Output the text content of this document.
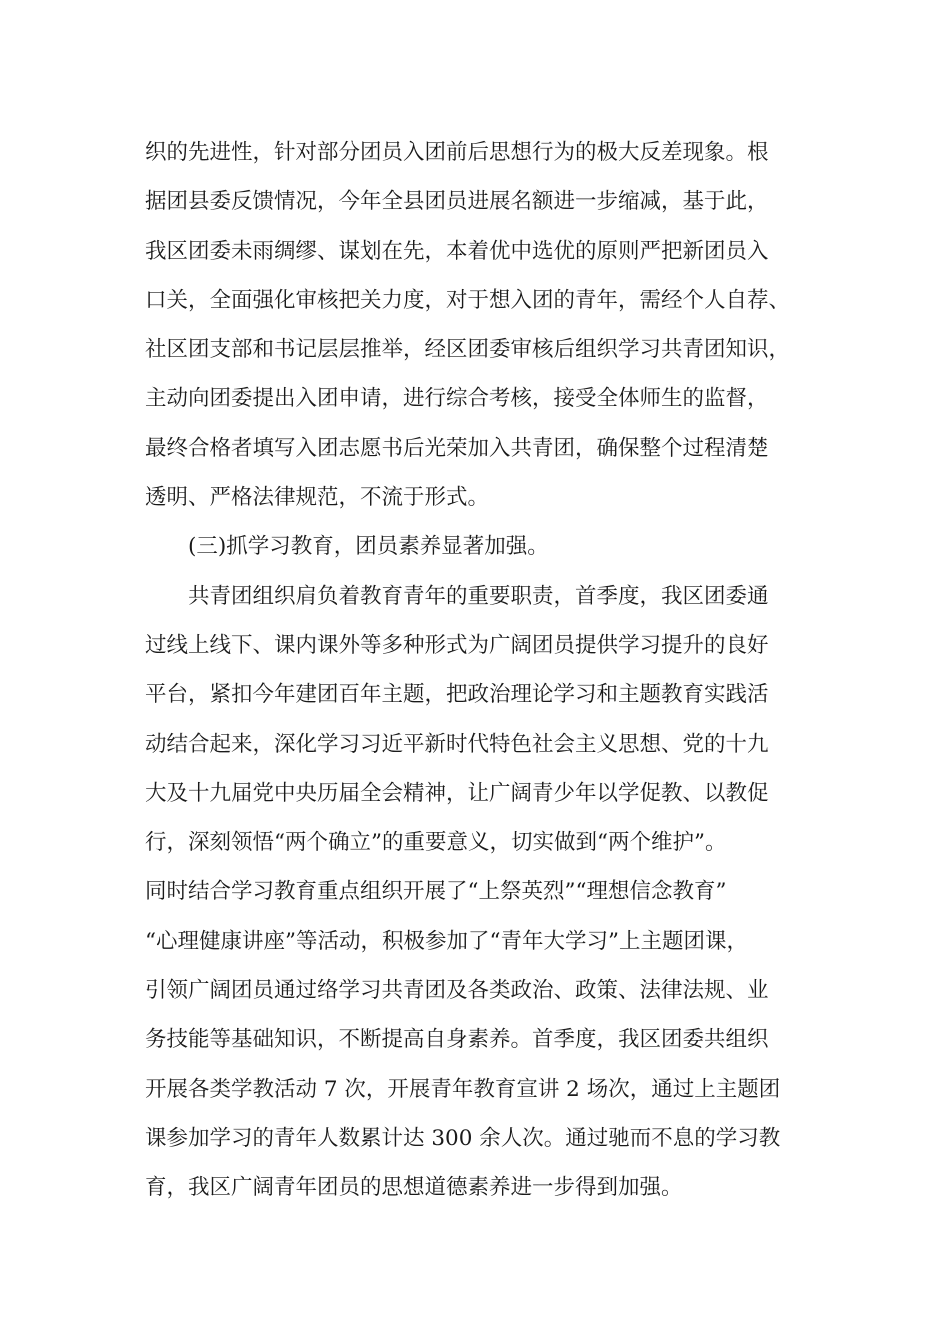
织的先进性，针对部分团员入团前后思想行为的极大反差现象。根
据团县委反馈情况，今年全县团员进展名额进一步缩减，基于此，
我区团委未雨绸缪、谋划在先，本着优中选优的原则严把新团员入
口关，全面强化审核把关力度，对于想入团的青年，需经个人自荐、
社区团支部和书记层层推举，经区团委审核后组织学习共青团知识，
主动向团委提出入团申请，进行综合考核，接受全体师生的监督，
最终合格者填写入团志愿书后光荣加入共青团，确保整个过程清楚
透明、严格法律规范，不流于形式。
(三)抓学习教育，团员素养显著加强。
共青团组织肩负着教育青年的重要职责，首季度，我区团委通
过线上线下、课内课外等多种形式为广阔团员提供学习提升的良好
平台，紧扣今年建团百年主题，把政治理论学习和主题教育实践活
动结合起来，深化学习习近平新时代特色社会主义思想、党的十九
大及十九届党中央历届全会精神，让广阔青少年以学促教、以教促
行，深刻领悟“两个确立”的重要意义，切实做到“两个维护”。
同时结合学习教育重点组织开展了“上祭英烈”“理想信念教育”
“心理健康讲座”等活动，积极参加了“青年大学习”上主题团课，
引领广阔团员通过络学习共青团及各类政治、政策、法律法规、业
务技能等基础知识，不断提高自身素养。首季度，我区团委共组织
开展各类学教活动 7 次，开展青年教育宣讲 2 场次，通过上主题团
课参加学习的青年人数累计达 300 余人次。通过驰而不息的学习教
育，我区广阔青年团员的思想道德素养进一步得到加强。
